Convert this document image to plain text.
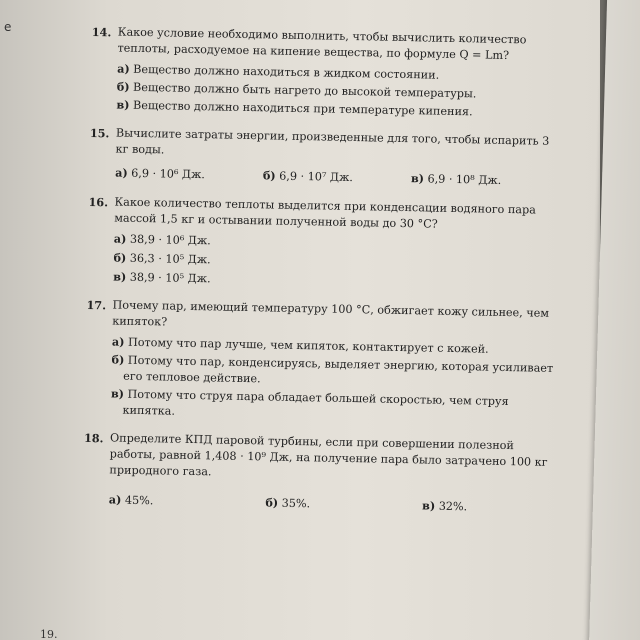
е	14. Какое условие необходимо выполнить, чтобы вычислить количество теплоты, расходуемое на кипение вещества, по формуле Q = Lm?
а) Вещество должно находиться в жидком состоянии.
б) Вещество должно быть нагрето до высокой температуры.
в) Вещество должно находиться при температуре кипения.
15. Вычислите затраты энергии, произведенные для того, чтобы испарить 3 кг воды.
а) 6,9 · 10⁶ Дж.	б) 6,9 · 10⁷ Дж.	в) 6,9 · 10⁸ Дж.
16. Какое количество теплоты выделится при конденсации водяного пара массой 1,5 кг и остывании полученной воды до 30 °С?
а) 38,9 · 10⁶ Дж.
б) 36,3 · 10⁵ Дж.
в) 38,9 · 10⁵ Дж.
17. Почему пар, имеющий температуру 100 °С, обжигает кожу сильнее, чем кипяток?
а) Потому что пар лучше, чем кипяток, контактирует с кожей.
б) Потому что пар, конденсируясь, выделяет энергию, которая усиливает его тепловое действие.
в) Потому что струя пара обладает большей скоростью, чем струя кипятка.
18. Определите КПД паровой турбины, если при совершении полезной работы, равной 1,408 · 10⁹ Дж, на получение пара было затрачено 100 кг природного газа.
а) 45%.	б) 35%.	в) 32%.
19.
